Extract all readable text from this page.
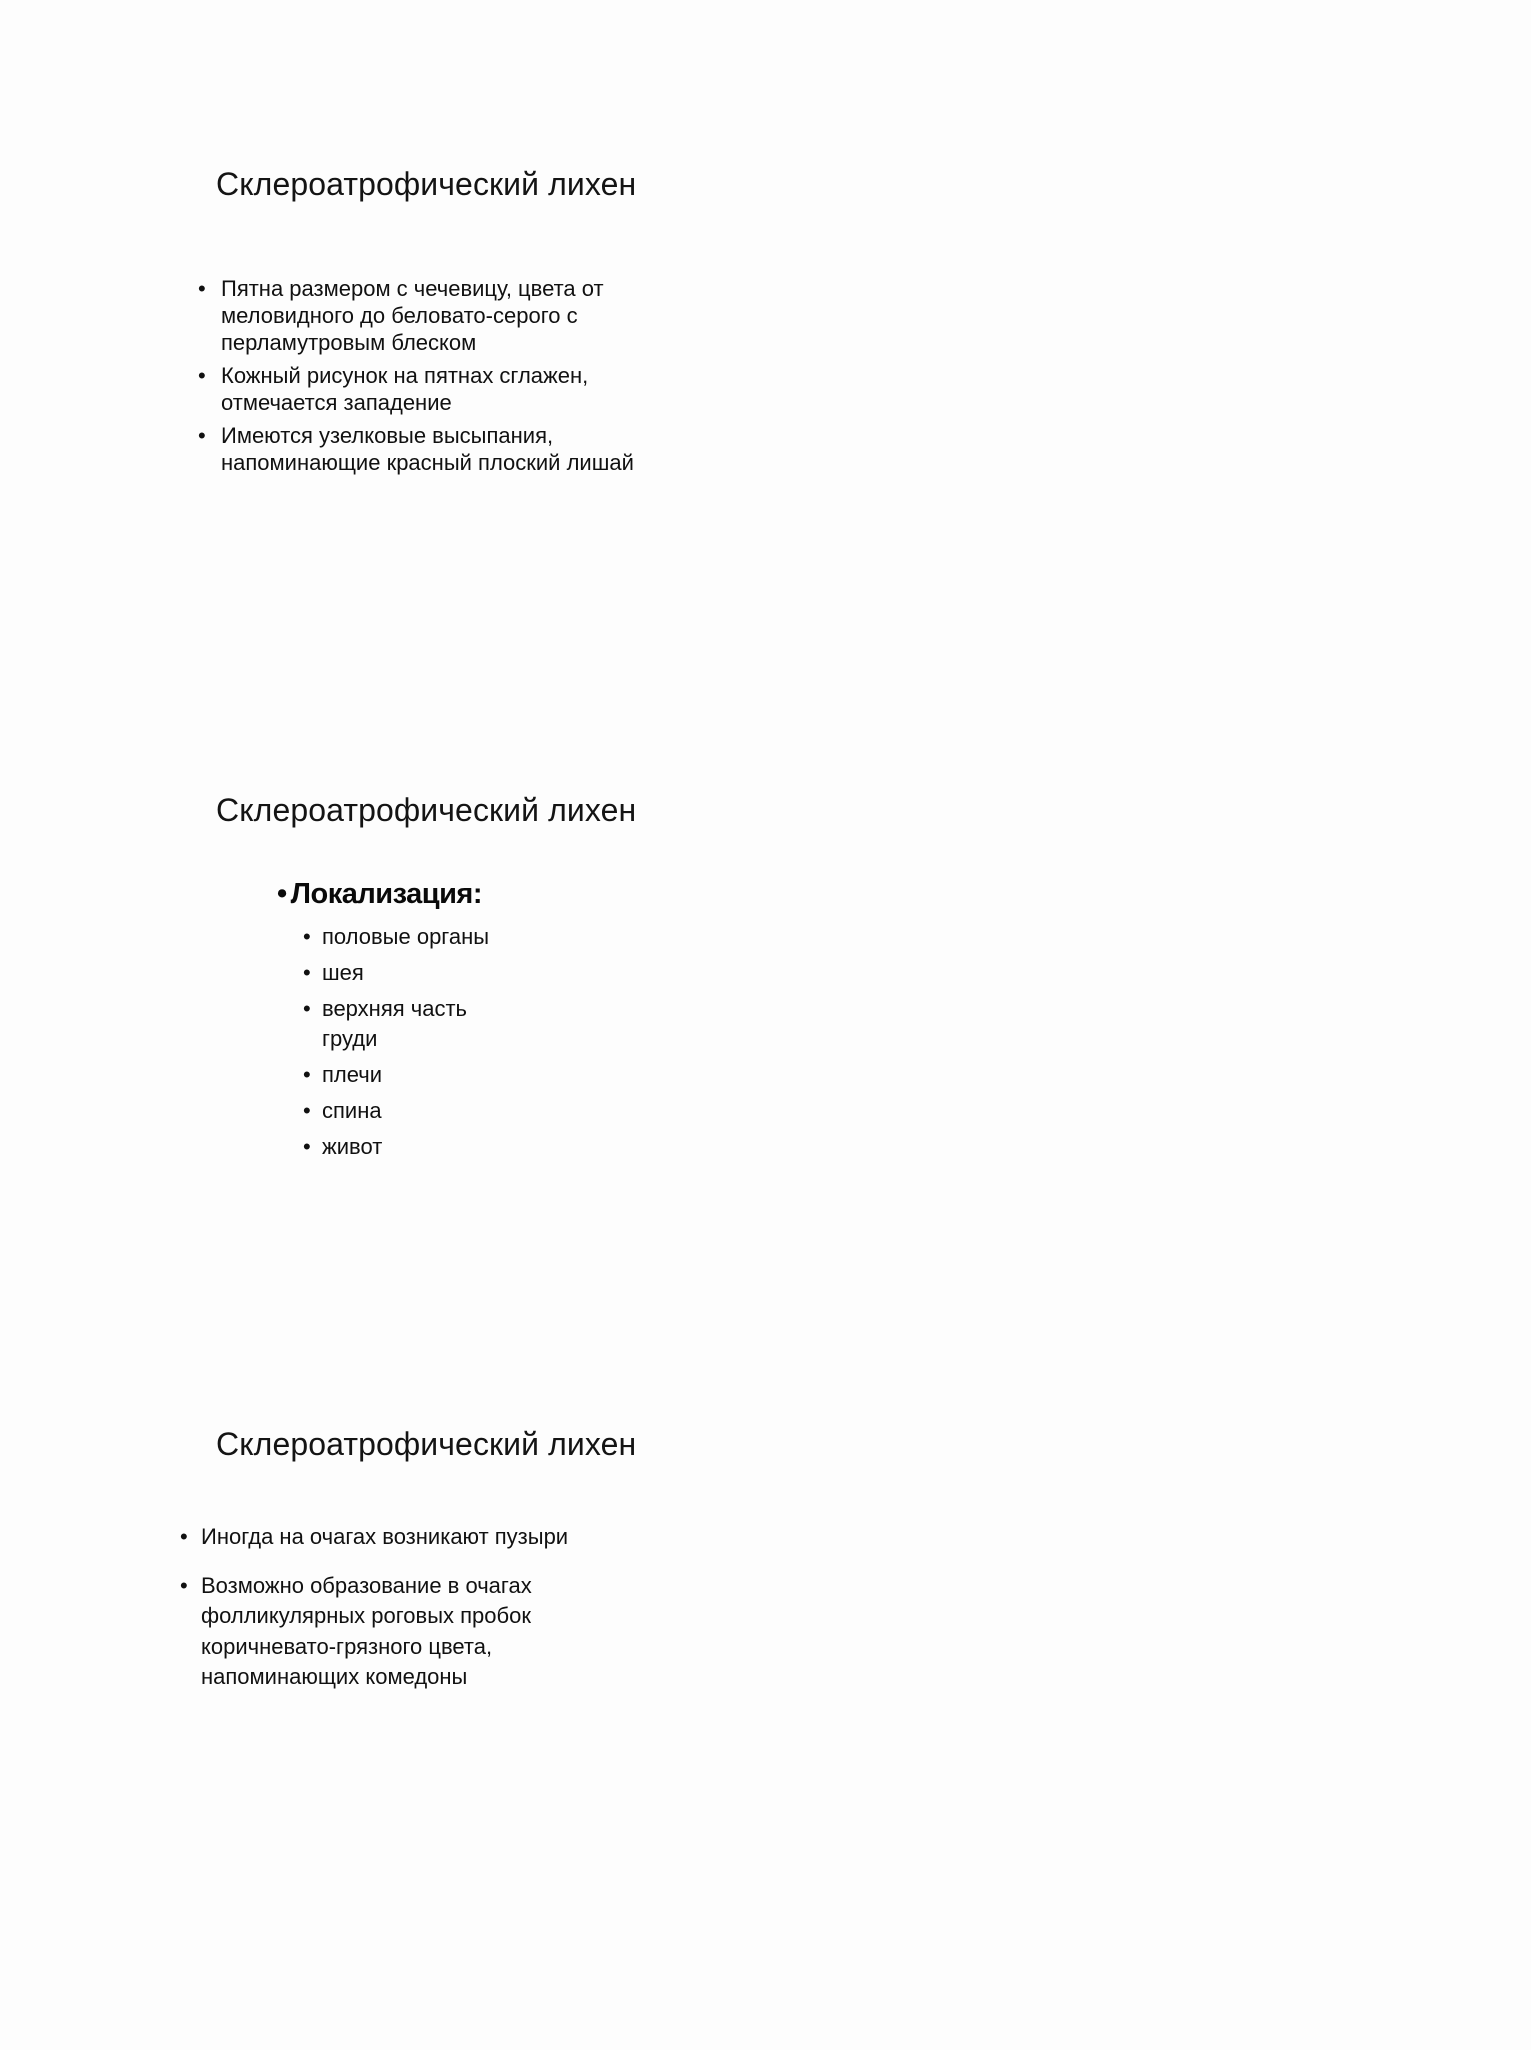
Склероатрофический лихен
• Пятна размером с чечевицу, цвета от меловидного до беловато-серого с перламутровым блеском
• Кожный рисунок на пятнах сглажен, отмечается западение
• Имеются узелковые высыпания, напоминающие красный плоский лишай
Склероатрофический лихен
• Локализация:
• половые органы
• шея
• верхняя часть груди
• плечи
• спина
• живот
Склероатрофический лихен
• Иногда на очагах возникают пузыри
• Возможно образование в очагах фолликулярных роговых пробок коричневато-грязного цвета, напоминающих комедоны
